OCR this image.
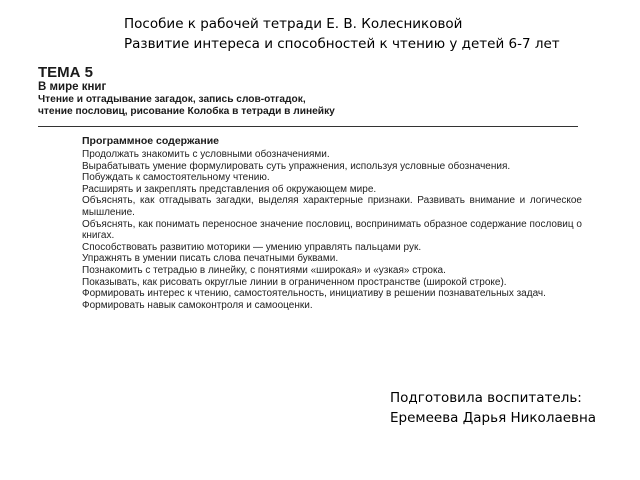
Пособие к рабочей тетради Е. В. Колесниковой
Развитие интереса и способностей к чтению у детей 6-7 лет

ТЕМА 5

В мире книг

Чтение и отгадывание загадок, запись слов-отгадок,

чтение пословиц, рисование Колобка в тетради в линейку

Программное содержание

Продолжать знакомить с условными обозначениями.
Вырабатывать умение формулировать суть упражнения, используя условные обозначения.
Побуждать к самостоятельному чтению.
Расширять и закреплять представления об окружающем мире.
Объяснять, как отгадывать загадки, выделяя характерные признаки. Развивать внимание и логическое мышление.
Объяснять, как понимать переносное значение пословиц, воспринимать образное содержание пословиц о книгах.
Способствовать развитию моторики — умению управлять пальцами рук.
Упражнять в умении писать слова печатными буквами.
Познакомить с тетрадью в линейку, с понятиями «широкая» и «узкая» строка.
Показывать, как рисовать округлые линии в ограниченном пространстве (широкой строке).
Формировать интерес к чтению, самостоятельность, инициативу в решении познавательных задач.
Формировать навык самоконтроля и самооценки.
Подготовила воспитатель:
Еремеева Дарья Николаевна
